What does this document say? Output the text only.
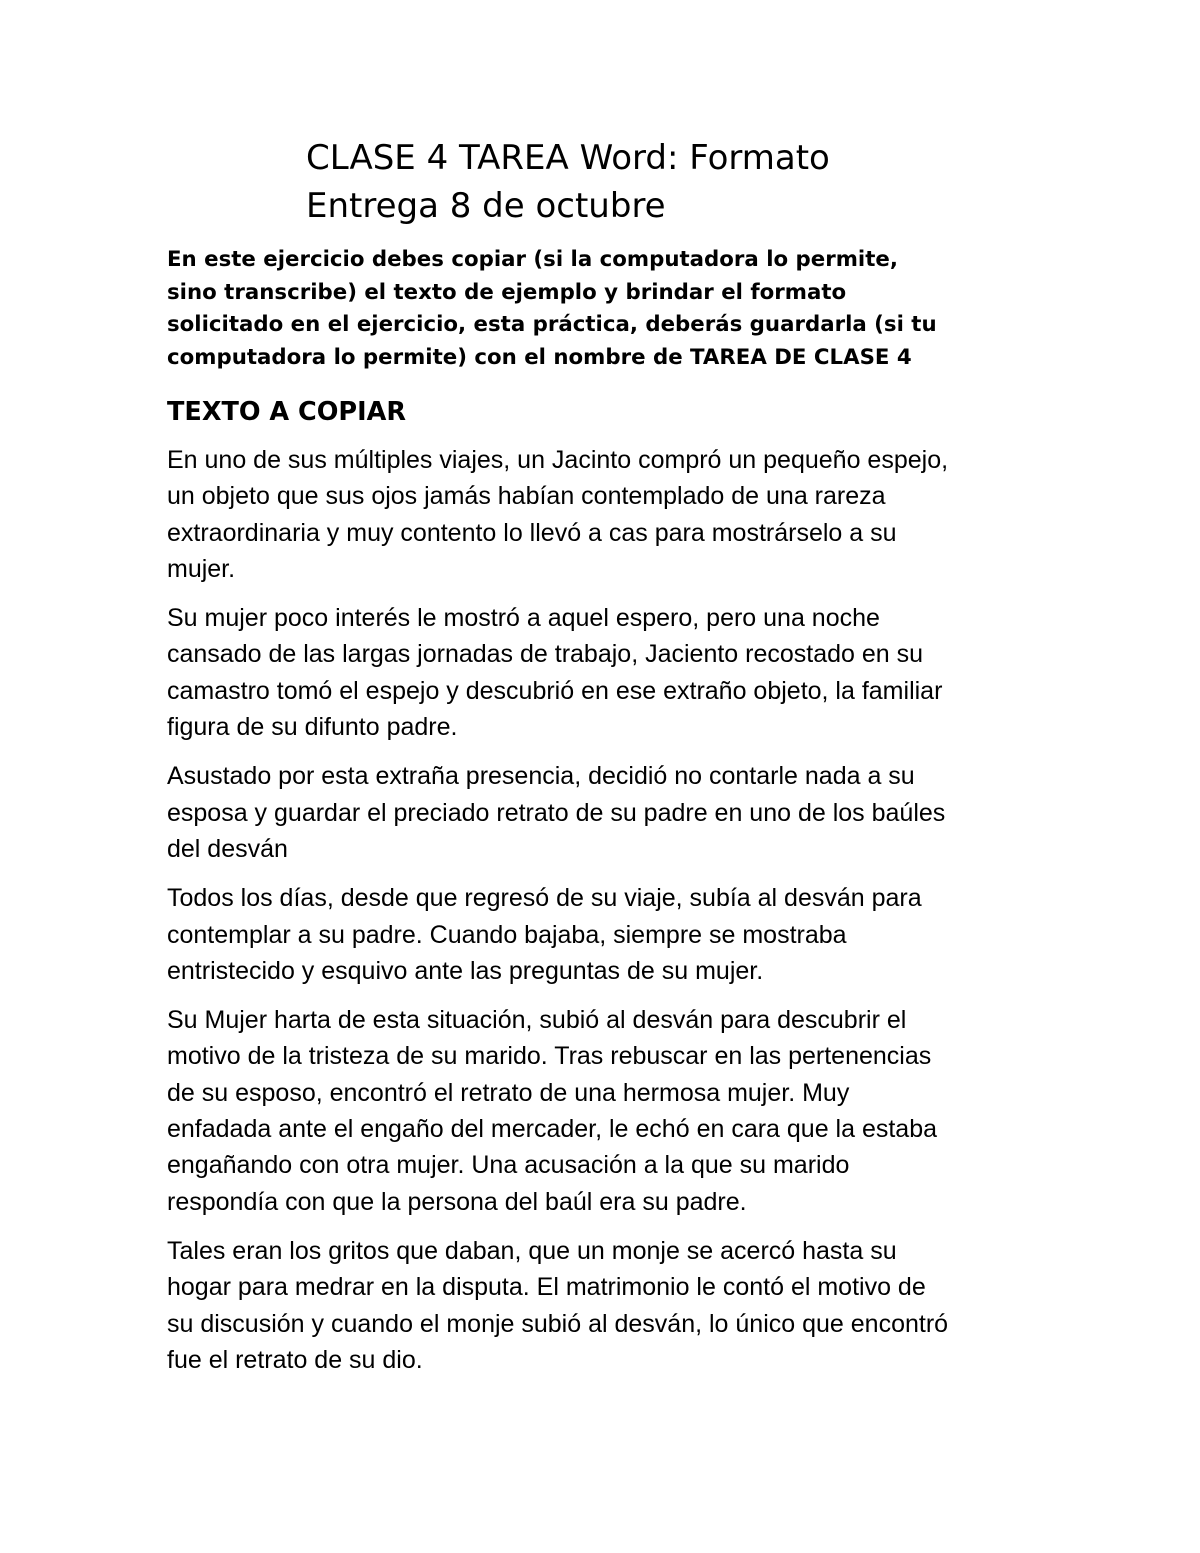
CLASE 4 TAREA Word: Formato
Entrega 8 de octubre

En este ejercicio debes copiar (si la computadora lo permite,
sino transcribe) el texto de ejemplo y brindar el formato
solicitado en el ejercicio, esta práctica, deberás guardarla (si tu
computadora lo permite) con el nombre de TAREA DE CLASE 4

TEXTO A COPIAR

En uno de sus múltiples viajes, un Jacinto compró un pequeño espejo,
un objeto que sus ojos jamás habían contemplado de una rareza
extraordinaria y muy contento lo llevó a cas para mostrárselo a su
mujer.

Su mujer poco interés le mostró a aquel espero, pero una noche
cansado de las largas jornadas de trabajo, Jaciento recostado en su
camastro tomó el espejo y descubrió en ese extraño objeto, la familiar
figura de su difunto padre.

Asustado por esta extraña presencia, decidió no contarle nada a su
esposa y guardar el preciado retrato de su padre en uno de los baúles
del desván

Todos los días, desde que regresó de su viaje, subía al desván para
contemplar a su padre. Cuando bajaba, siempre se mostraba
entristecido y esquivo ante las preguntas de su mujer.

Su Mujer harta de esta situación, subió al desván para descubrir el
motivo de la tristeza de su marido. Tras rebuscar en las pertenencias
de su esposo, encontró el retrato de una hermosa mujer. Muy
enfadada ante el engaño del mercader, le echó en cara que la estaba
engañando con otra mujer. Una acusación a la que su marido
respondía con que la persona del baúl era su padre.

Tales eran los gritos que daban, que un monje se acercó hasta su
hogar para medrar en la disputa. El matrimonio le contó el motivo de
su discusión y cuando el monje subió al desván, lo único que encontró
fue el retrato de su dio.
